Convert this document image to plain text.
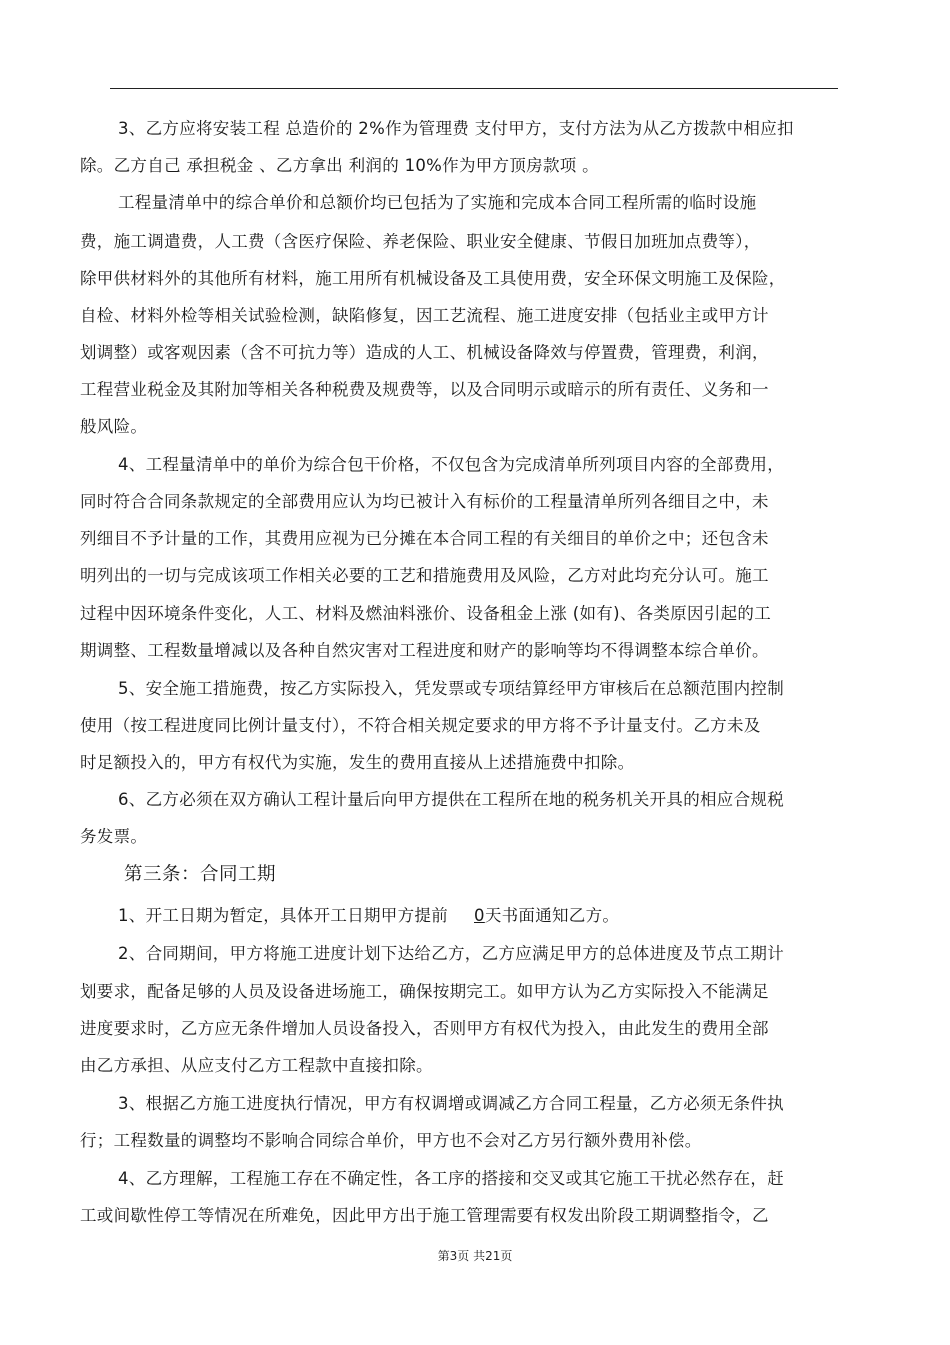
3、乙方应将安装工程 总造价的 2%作为管理费 支付甲方，支付方法为从乙方拨款中相应扣
除。乙方自己 承担税金 、乙方拿出 利润的 10%作为甲方顶房款项 。
工程量清单中的综合单价和总额价均已包括为了实施和完成本合同工程所需的临时设施
费，施工调遣费，人工费（含医疗保险、养老保险、职业安全健康、节假日加班加点费等），
除甲供材料外的其他所有材料，施工用所有机械设备及工具使用费，安全环保文明施工及保险，
自检、材料外检等相关试验检测，缺陷修复，因工艺流程、施工进度安排（包括业主或甲方计
划调整）或客观因素（含不可抗力等）造成的人工、机械设备降效与停置费，管理费，利润，
工程营业税金及其附加等相关各种税费及规费等，以及合同明示或暗示的所有责任、义务和一
般风险。
4、工程量清单中的单价为综合包干价格，不仅包含为完成清单所列项目内容的全部费用，
同时符合合同条款规定的全部费用应认为均已被计入有标价的工程量清单所列各细目之中，未
列细目不予计量的工作，其费用应视为已分摊在本合同工程的有关细目的单价之中；还包含未
明列出的一切与完成该项工作相关必要的工艺和措施费用及风险，乙方对此均充分认可。施工
过程中因环境条件变化，人工、材料及燃油料涨价、设备租金上涨 (如有)、各类原因引起的工
期调整、工程数量增减以及各种自然灾害对工程进度和财产的影响等均不得调整本综合单价。
5、安全施工措施费，按乙方实际投入，凭发票或专项结算经甲方审核后在总额范围内控制
使用（按工程进度同比例计量支付），不符合相关规定要求的甲方将不予计量支付。乙方未及
时足额投入的，甲方有权代为实施，发生的费用直接从上述措施费中扣除。
6、乙方必须在双方确认工程计量后向甲方提供在工程所在地的税务机关开具的相应合规税
务发票。
第三条：合同工期
1、开工日期为暂定，具体开工日期甲方提前 0天书面通知乙方。
2、合同期间，甲方将施工进度计划下达给乙方，乙方应满足甲方的总体进度及节点工期计
划要求，配备足够的人员及设备进场施工，确保按期完工。如甲方认为乙方实际投入不能满足
进度要求时，乙方应无条件增加人员设备投入，否则甲方有权代为投入，由此发生的费用全部
由乙方承担、从应支付乙方工程款中直接扣除。
3、根据乙方施工进度执行情况，甲方有权调增或调减乙方合同工程量，乙方必须无条件执
行；工程数量的调整均不影响合同综合单价，甲方也不会对乙方另行额外费用补偿。
4、乙方理解，工程施工存在不确定性，各工序的搭接和交叉或其它施工干扰必然存在，赶
工或间歇性停工等情况在所难免，因此甲方出于施工管理需要有权发出阶段工期调整指令，乙
第3页 共21页
